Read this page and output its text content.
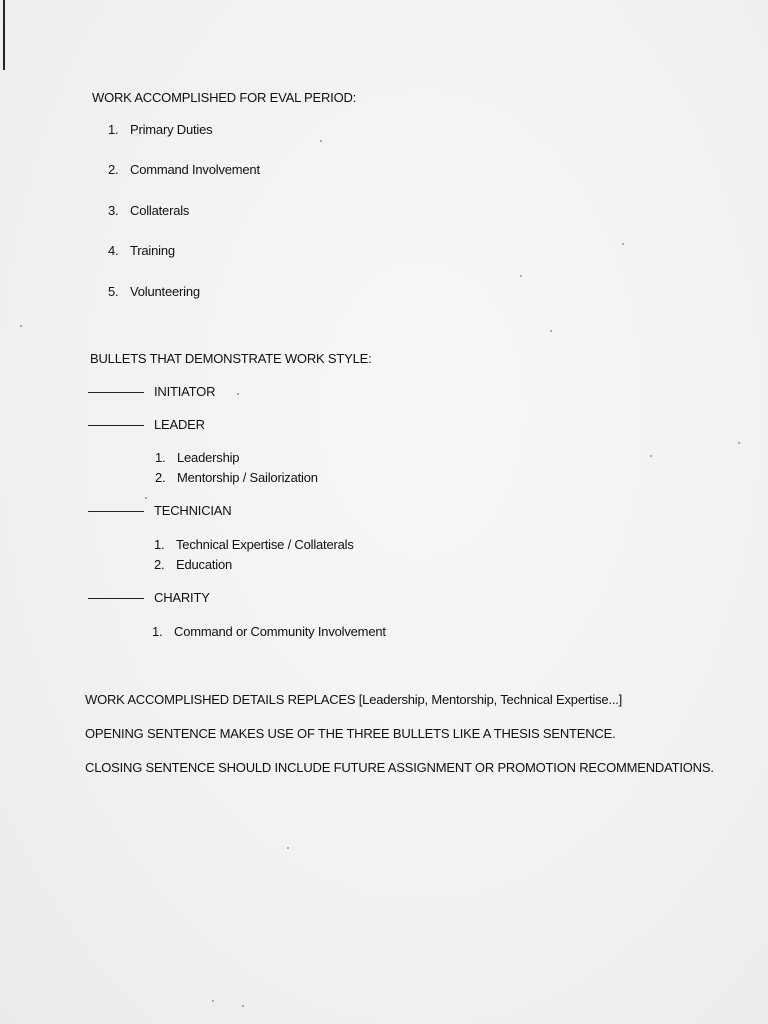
WORK ACCOMPLISHED FOR EVAL PERIOD:
1. Primary Duties
2. Command Involvement
3. Collaterals
4. Training
5. Volunteering
BULLETS THAT DEMONSTRATE WORK STYLE:
INITIATOR
LEADER
1. Leadership
2. Mentorship / Sailorization
TECHNICIAN
1. Technical Expertise / Collaterals
2. Education
CHARITY
1. Command or Community Involvement
WORK ACCOMPLISHED DETAILS REPLACES [Leadership, Mentorship, Technical Expertise...]
OPENING SENTENCE MAKES USE OF THE THREE BULLETS LIKE A THESIS SENTENCE.
CLOSING SENTENCE SHOULD INCLUDE FUTURE ASSIGNMENT OR PROMOTION RECOMMENDATIONS.
